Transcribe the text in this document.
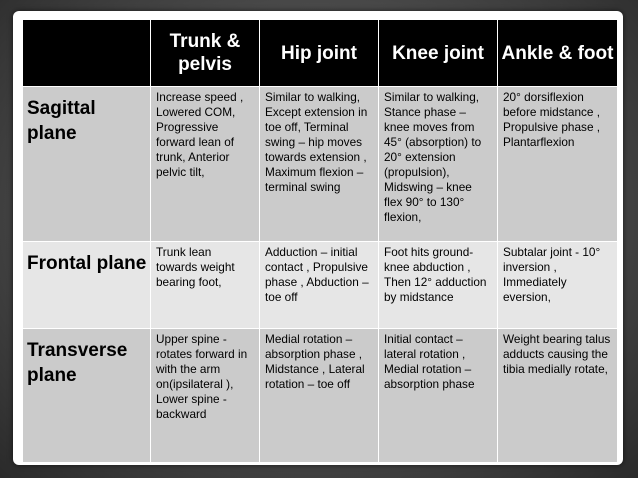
	Trunk & pelvis	Hip joint	Knee joint	Ankle & foot
Sagittal plane	Increase speed , Lowered COM, Progressive forward lean of trunk, Anterior pelvic tilt,	Similar to walking, Except extension in toe off, Terminal swing – hip moves towards extension , Maximum flexion – terminal swing	Similar to walking, Stance phase – knee moves from 45° (absorption) to 20° extension (propulsion), Midswing – knee flex 90° to 130° flexion,	20° dorsiflexion before midstance , Propulsive phase , Plantarflexion
Frontal plane	Trunk lean towards weight bearing foot,	Adduction – initial contact , Propulsive phase , Abduction – toe off	Foot hits ground- knee abduction , Then 12° adduction by midstance	Subtalar joint - 10° inversion , Immediately eversion,
Transverse plane	Upper spine - rotates forward in with the arm on(ipsilateral ), Lower spine - backward	Medial rotation – absorption phase , Midstance , Lateral rotation – toe off	Initial contact – lateral rotation , Medial rotation – absorption phase	Weight bearing talus adducts causing the tibia medially rotate,
